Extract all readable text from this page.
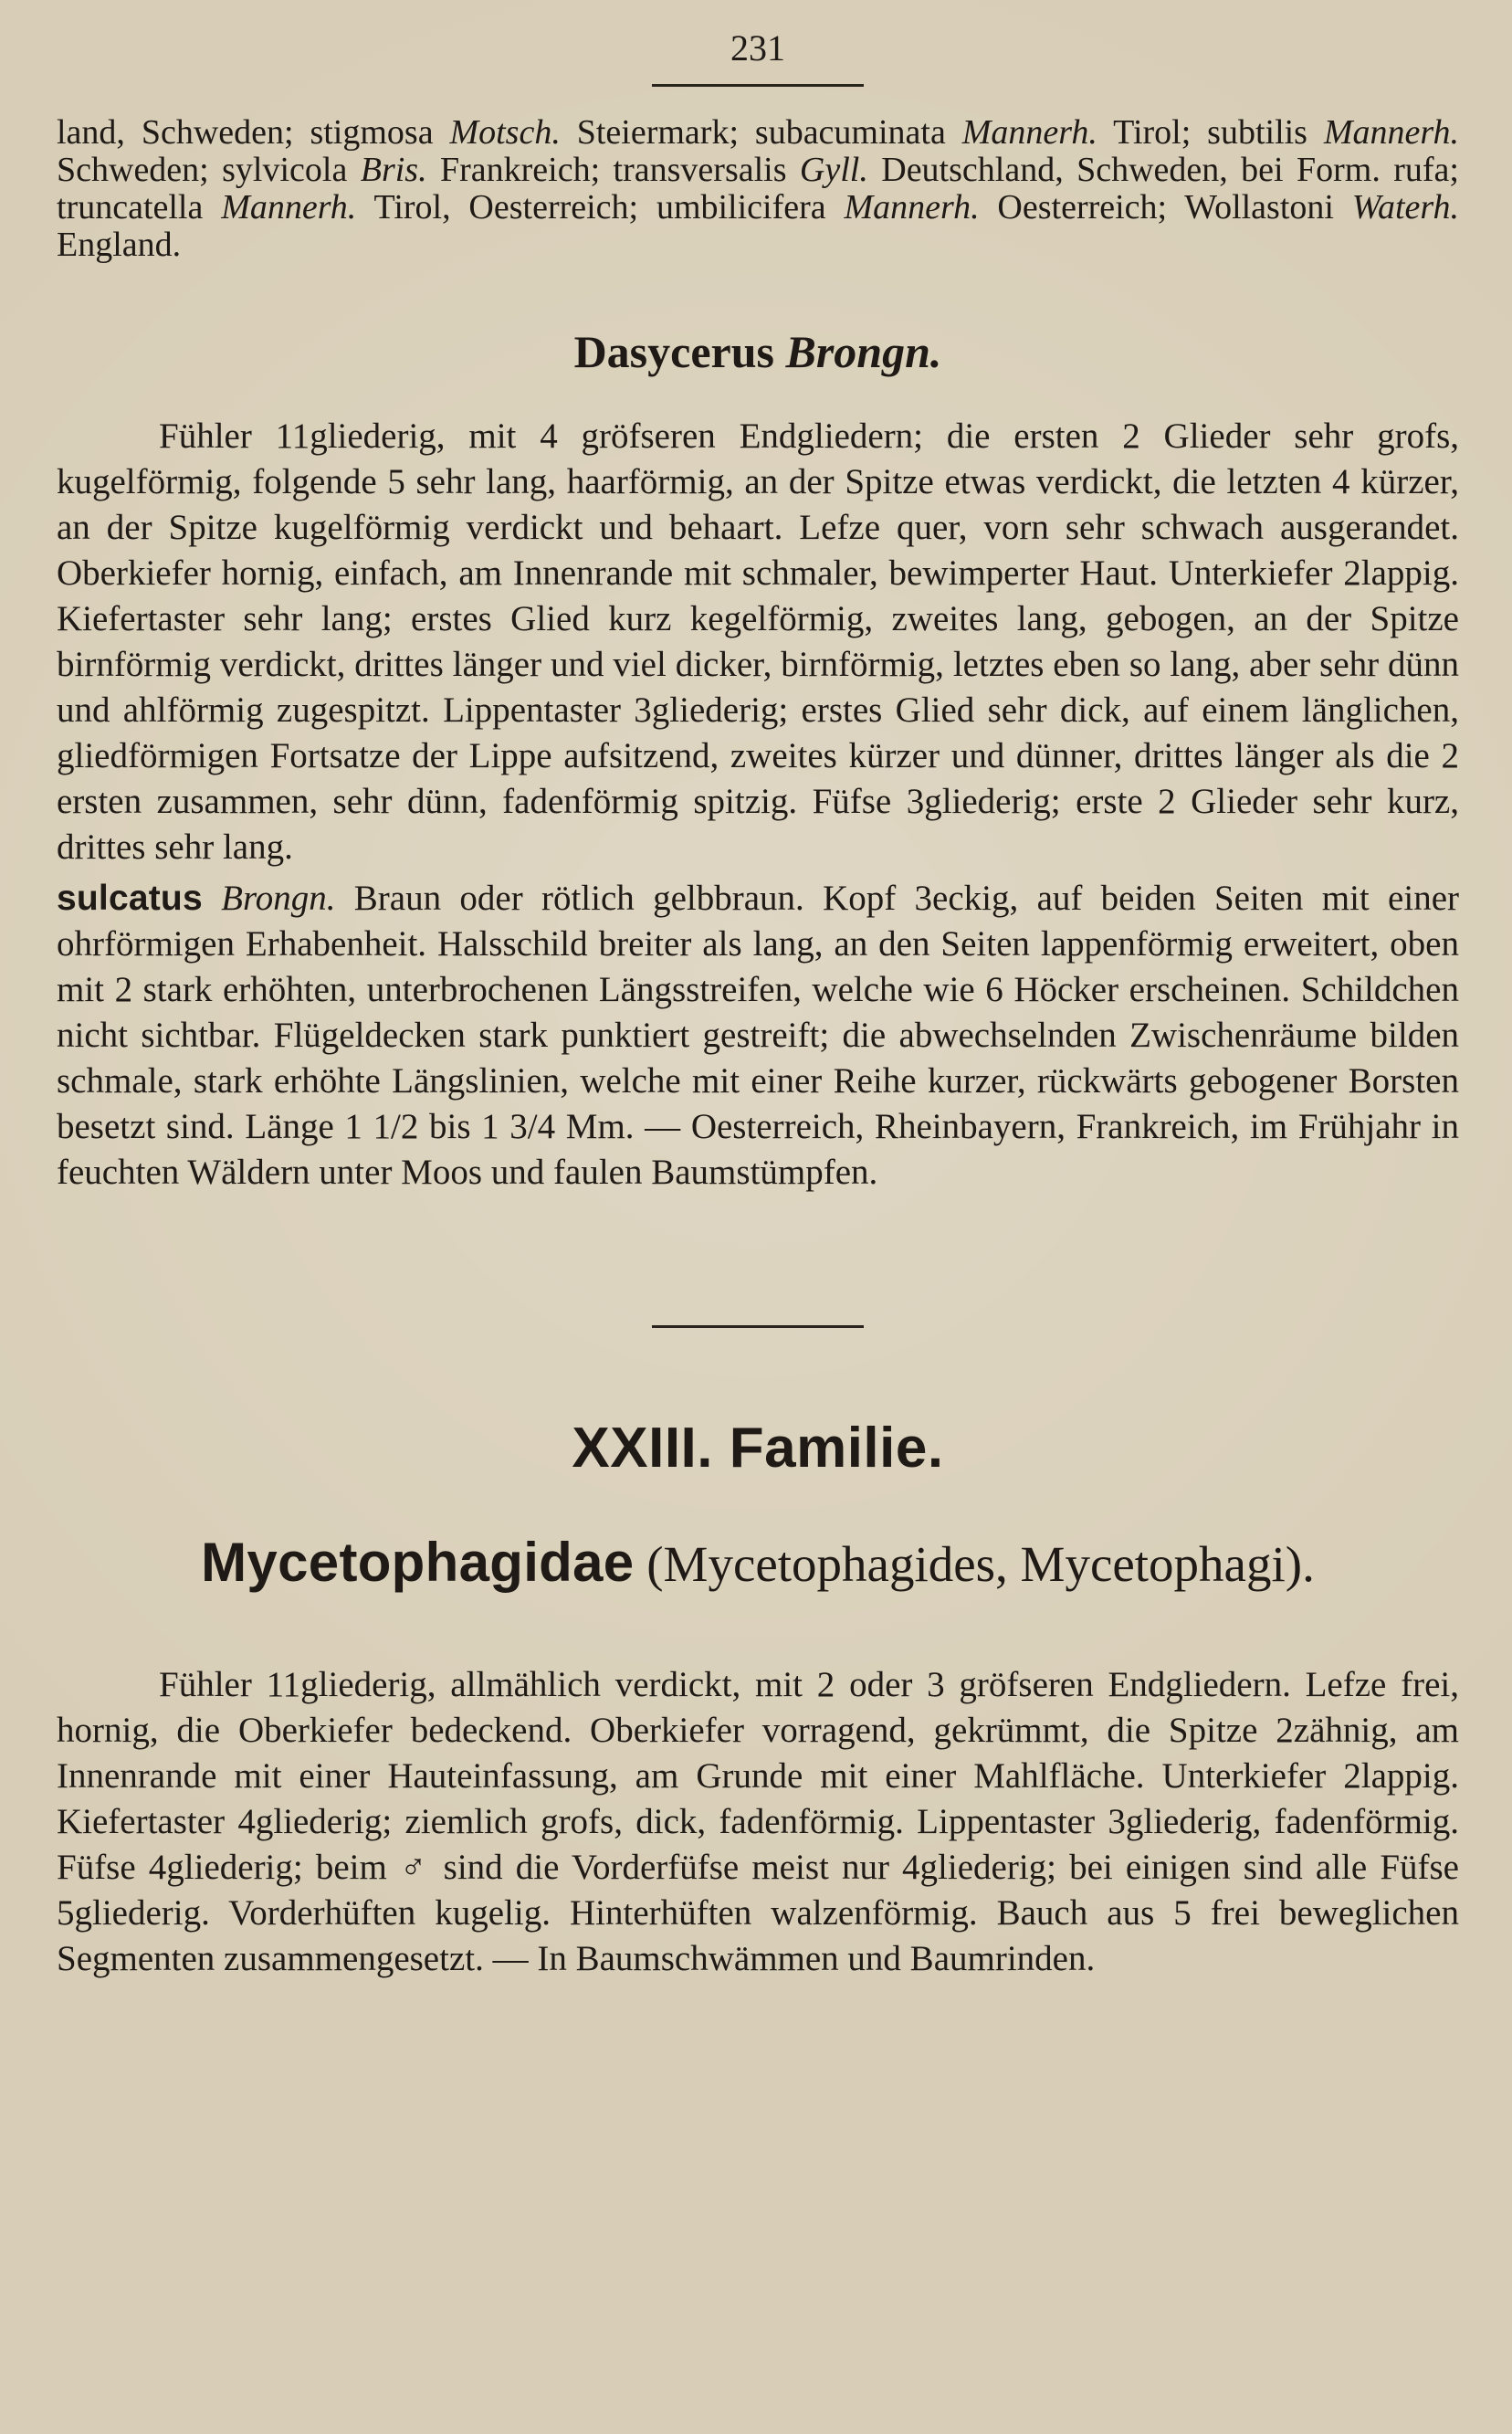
231

land, Schweden; stigmosa Motsch. Steiermark; subacuminata Mannerh. Tirol; subtilis Mannerh. Schweden; sylvicola Bris. Frankreich; transversalis Gyll. Deutschland, Schweden, bei Form. rufa; truncatella Mannerh. Tirol, Oesterreich; umbilicifera Mannerh. Oesterreich; Wollastoni Waterh. England.

Dasycerus Brongn.

Fühler 11gliederig, mit 4 gröfseren Endgliedern; die ersten 2 Glieder sehr grofs, kugelförmig, folgende 5 sehr lang, haarförmig, an der Spitze etwas verdickt, die letzten 4 kürzer, an der Spitze kugelförmig verdickt und behaart. Lefze quer, vorn sehr schwach ausgerandet. Oberkiefer hornig, einfach, am Innenrande mit schmaler, bewimperter Haut. Unterkiefer 2lappig. Kiefertaster sehr lang; erstes Glied kurz kegelförmig, zweites lang, gebogen, an der Spitze birnförmig verdickt, drittes länger und viel dicker, birnförmig, letztes eben so lang, aber sehr dünn und ahlförmig zugespitzt. Lippentaster 3gliederig; erstes Glied sehr dick, auf einem länglichen, gliedförmigen Fortsatze der Lippe aufsitzend, zweites kürzer und dünner, drittes länger als die 2 ersten zusammen, sehr dünn, fadenförmig spitzig. Füfse 3gliederig; erste 2 Glieder sehr kurz, drittes sehr lang.

sulcatus Brongn. Braun oder rötlich gelbbraun. Kopf 3eckig, auf beiden Seiten mit einer ohrförmigen Erhabenheit. Halsschild breiter als lang, an den Seiten lappenförmig erweitert, oben mit 2 stark erhöhten, unterbrochenen Längsstreifen, welche wie 6 Höcker erscheinen. Schildchen nicht sichtbar. Flügeldecken stark punktiert gestreift; die abwechselnden Zwischenräume bilden schmale, stark erhöhte Längslinien, welche mit einer Reihe kurzer, rückwärts gebogener Borsten besetzt sind. Länge 1 1/2 bis 1 3/4 Mm. — Oesterreich, Rheinbayern, Frankreich, im Frühjahr in feuchten Wäldern unter Moos und faulen Baumstümpfen.

XXIII. Familie.
Mycetophagidae (Mycetophagides, Mycetophagi).

Fühler 11gliederig, allmählich verdickt, mit 2 oder 3 gröfseren Endgliedern. Lefze frei, hornig, die Oberkiefer bedeckend. Oberkiefer vorragend, gekrümmt, die Spitze 2zähnig, am Innenrande mit einer Hauteinfassung, am Grunde mit einer Mahlfläche. Unterkiefer 2lappig. Kiefertaster 4gliederig; ziemlich grofs, dick, fadenförmig. Lippentaster 3gliederig, fadenförmig. Füfse 4gliederig; beim ♂ sind die Vorderfüfse meist nur 4gliederig; bei einigen sind alle Füfse 5gliederig. Vorderhüften kugelig. Hinterhüften walzenförmig. Bauch aus 5 frei beweglichen Segmenten zusammengesetzt. — In Baumschwämmen und Baumrinden.
